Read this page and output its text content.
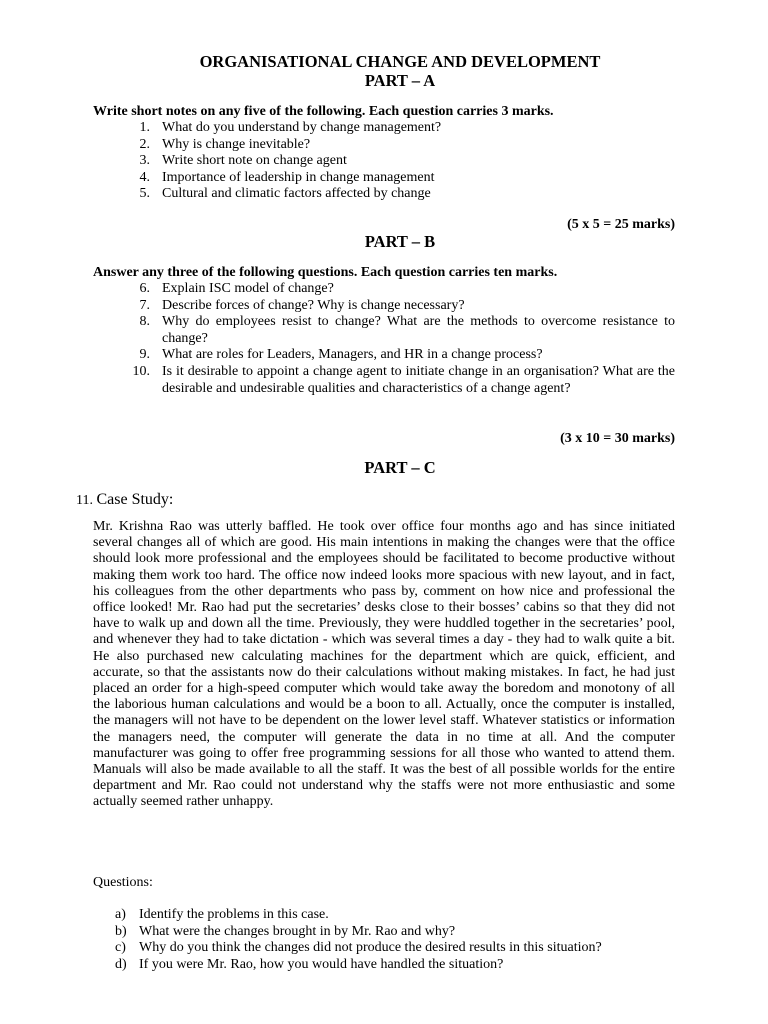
ORGANISATIONAL CHANGE AND DEVELOPMENT
PART – A
Write short notes on any five of the following. Each question carries 3 marks.
1. What do you understand by change management?
2. Why is change inevitable?
3. Write short note on change agent
4. Importance of leadership in change management
5. Cultural and climatic factors affected by change
(5 x 5 = 25 marks)
PART – B
Answer any three of the following questions. Each question carries ten marks.
6. Explain ISC model of change?
7. Describe forces of change? Why is change necessary?
8. Why do employees resist to change? What are the methods to overcome resistance to change?
9. What are roles for Leaders, Managers, and HR in a change process?
10. Is it desirable to appoint a change agent to initiate change in an organisation? What are the desirable and undesirable qualities and characteristics of a change agent?
(3 x 10 = 30 marks)
PART – C
11. Case Study:

Mr. Krishna Rao was utterly baffled. He took over office four months ago and has since initiated several changes all of which are good. His main intentions in making the changes were that the office should look more professional and the employees should be facilitated to become productive without making them work too hard. The office now indeed looks more spacious with new layout, and in fact, his colleagues from the other departments who pass by, comment on how nice and professional the office looked! Mr. Rao had put the secretaries’ desks close to their bosses’ cabins so that they did not have to walk up and down all the time. Previously, they were huddled together in the secretaries’ pool, and whenever they had to take dictation - which was several times a day - they had to walk quite a bit. He also purchased new calculating machines for the department which are quick, efficient, and accurate, so that the assistants now do their calculations without making mistakes. In fact, he had just placed an order for a high-speed computer which would take away the boredom and monotony of all the laborious human calculations and would be a boon to all. Actually, once the computer is installed, the managers will not have to be dependent on the lower level staff. Whatever statistics or information the managers need, the computer will generate the data in no time at all. And the computer manufacturer was going to offer free programming sessions for all those who wanted to attend them. Manuals will also be made available to all the staff. It was the best of all possible worlds for the entire department and Mr. Rao could not understand why the staffs were not more enthusiastic and some actually seemed rather unhappy.

Questions:
a) Identify the problems in this case.
b) What were the changes brought in by Mr. Rao and why?
c) Why do you think the changes did not produce the desired results in this situation?
d) If you were Mr. Rao, how you would have handled the situation?
